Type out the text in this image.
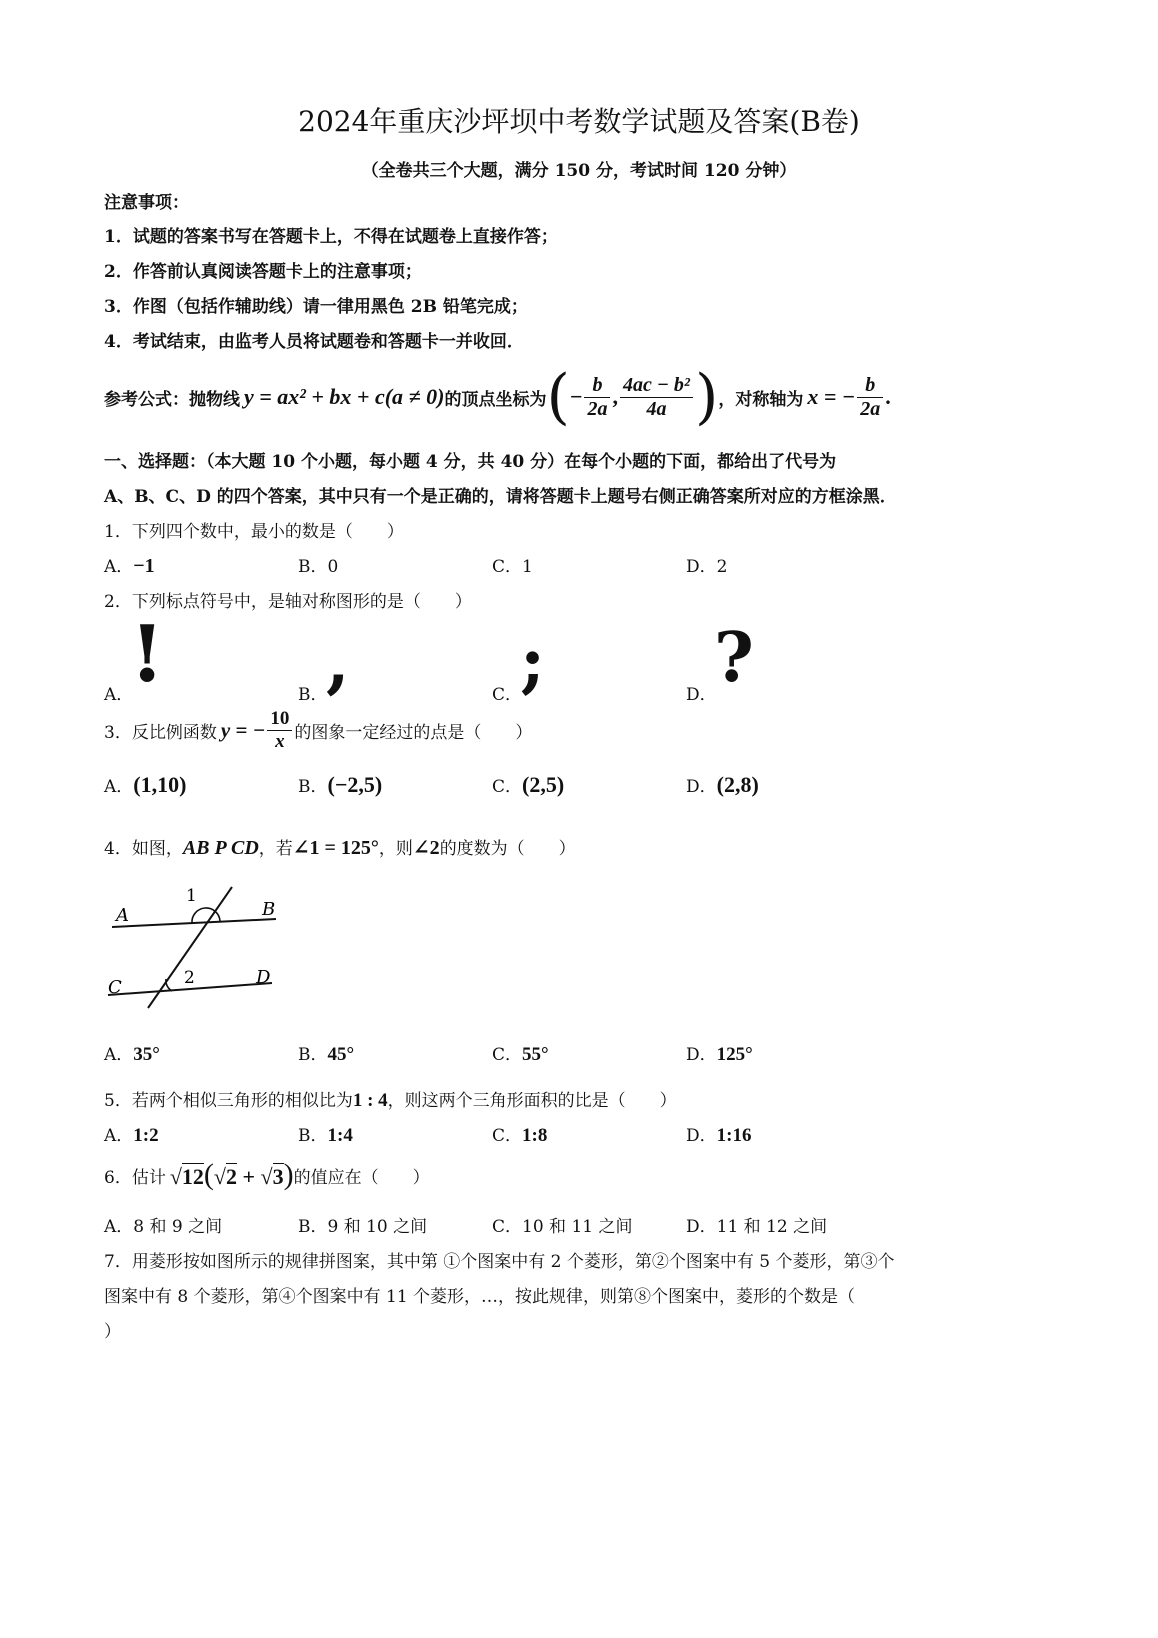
2024年重庆沙坪坝中考数学试题及答案(B卷)
（全卷共三个大题，满分 150 分，考试时间 120 分钟）
注意事项：
1．试题的答案书写在答题卡上，不得在试题卷上直接作答；
2．作答前认真阅读答题卡上的注意事项；
3．作图（包括作辅助线）请一律用黑色 2B 铅笔完成；
4．考试结束，由监考人员将试题卷和答题卡一并收回．
参考公式：抛物线 y = ax² + bx + c (a ≠ 0) 的顶点坐标为 ( − $\frac{b}{2a}$ , $\frac{\text{4ac − b²}}{4a}$ ) ，对称轴为 x = − $\frac{b}{2a}$ .
一、选择题：（本大题 10 个小题，每小题 4 分，共 40 分）在每个小题的下面，都给出了代号为
A、B、C、D 的四个答案，其中只有一个是正确的，请将答题卡上题号右侧正确答案所对应的方框涂黑．
1．下列四个数中，最小的数是（　　）
A．−1	B．0	C．1	D．2
2．下列标点符号中，是轴对称图形的是（　　）
A．
!	B．
,	C．
;	D．
?
3．反比例函数 y = − $\frac{10}{x}$ 的图象一定经过的点是（　　）
A．(1,10)	B．(−2,5)	C．(2,5)	D．(2,8)
4．如图，AB P CD，若∠1 = 125°，则∠2的度数为（　　）
A	B
C	D
1
2
A．35°	B．45°	C．55°	D．125°
5．若两个相似三角形的相似比为1 : 4，则这两个三角形面积的比是（　　）
A．1:2	B．1:4	C．1:8	D．1:16
6．估计 √12(√2 + √3) 的值应在（　　）
A．8 和 9 之间	B．9 和 10 之间	C．10 和 11 之间	D．11 和 12 之间
7．用菱形按如图所示的规律拼图案，其中第 ①个图案中有 2 个菱形，第②个图案中有 5 个菱形，第③个
图案中有 8 个菱形，第④个图案中有 11 个菱形，…，按此规律，则第⑧个图案中，菱形的个数是（
）
